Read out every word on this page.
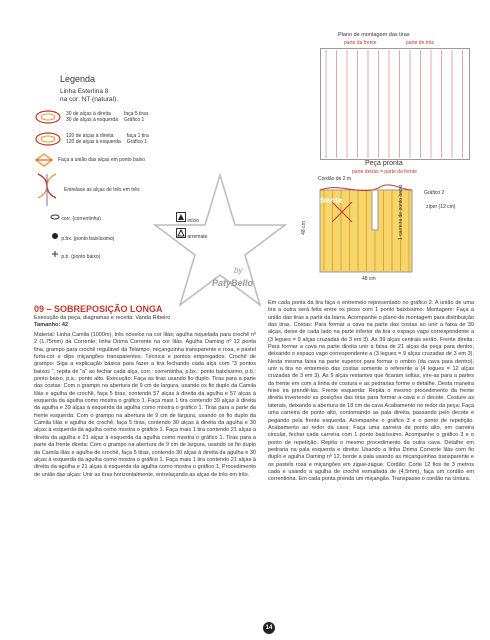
Legenda
Linha Esterlina 8
na cor: NT (natural).
30 de alças à direita
30 de alças à esquerda
faça 5 tiras
Gráfico 1
120 de alças à direita
120 de alças à esquerda
faça 1 tira
Gráfico 1
Faça a união das alças em ponto baixo
Entrelace as alças de três em três
corr. (correntinha)
p.bx. (ponto baixíssimo)
p.b. (ponto baixo)
início
arremate
Plano de montagem das tiras
parte da frente	parte de trás
Peça pronta
parte detrás = parte da frente
Cordão de 2 m
frente
Gráfico 2
zíper (12 cm)
48 cm
48 cm
1 carreira de ponto baixo
by
PatyBello
09 – SOBREPOSIÇÃO LONGA
Execução da peça, diagramas e receita: Vanda Ribeiro
Tamanho: 42

Material: Linha Camila (1000m), três novelos na cor lilás; agulha niquelada para crochê nº 2 (1,75mm) da Corrente; linha Drima Corrente na cor lilás. Agulha Daming nº 12 ponta fina, grampo para crochê regulável da Telampo; miçanguinha transparente e rosa, e pastel furta-cor e dips miçangões transparentes. Técnica e pontos empregados: Crochê de grampo: Siga a explicação básica para fazer a tira fechando cada alça com "3 pontos baixos ", repita de "a" ao fechar cada alça, corr.: correntinha, p.bx.: ponto baixíssimo, p.b.: ponto baixo, p.a.: ponto alto. Execução: Faça as tiras usando fio duplo. Tiras para a parte das costas: Com o grampo na abertura de 9 cm de largura, usando os fio duplo da Camila lilás e agulha de crochê, faça 5 tiras, contendo 57 alças à direita da agulha e 57 alças à esquerda da agulha como mostra o gráfico 1. Faça mais 1 tira contendo 39 alças à direita da agulha e 39 alças à esquerda da agulha como mostra o gráfico 1. Tiras para a parte da frente esquerda: Com o grampo na abertura de 9 cm de largura, usando os fio duplo da Camila lilás e agulha de crochê, faça 5 tiras, contendo 30 alças à direita da agulha e 30 alças à esquerda da agulha como mostra o gráfico 1. Faça mais 1 tira contendo 21 alças à direita da agulha e 21 alças à esquerda da agulha como mostra o gráfico 1. Tiras para a parte da frente direita: Com o grampo na abertura de 9 cm de largura, usando os fio duplo da Camila lilás e agulha de crochê, faça 5 tiras, contendo 30 alças à direita da agulha e 30 alças à esquerda da agulha como mostra o gráfico 1. Faça mais 1 tira contendo 21 alças à direita da agulha e 21 alças à esquerda da agulha como mostra o gráfico 1. Procedimento de união das alças: Unir as tiras horizontalmente, entrelaçando as alças de três em três.

Em cada ponta da tira faça o entremeio representado no gráfico 2. A união de uma tira a outra será feita entre os picos com 1 ponto baixíssimo. Montagem: Faça a união das tiras a partir da barra. Acompanhe o plano de montagem para distribuição das tiras. Costas: Para formar a cava na parte das costas ao unir a faixa de 39 alças, deixe de cada lado na parte inferior da tira o espaço vago correspondente a (3 legues = 9 alças cruzadas de 3 em 3). As 39 alças centrais serão. Frente direita: Para formar a cava na parte direita unir a faixa de 21 alças da peça para dentro, deixando o espaço vago correspondente a (3 legues = 9 alças cruzadas de 3 em 3). Nesta mesma faixa na parte superior para formar o ombro (da cava para dentro), unir a tira no entremeio das costas somente o referente a (4 legues = 12 alças cruzadas de 3 em 3). As 9 alças restantes que ficaram soltas, vire-as para a partes da frente em com a linha de costura e as pedrarias forme o detalhe. Desta maneira feixe ira prendê-las. Frente esquerda: Repita o mesmo procedimento da frente direita invertendo as posições das tiras para formar a cava e o decote. Costure as laterais, deixando a abertura de 18 cm da cava Acabamento no redor da peça: Faça uma carreira de ponto alto, contornando as pala direita, passando pelo decote e pegando pela frente esquerda. Acompanhe o gráfico 3 e o ponto de repetição. Acabamento ao redor da cava: Faça uma carreira de ponto alto, em carreira circular, fechar cada carreira com 1 ponto baixíssimo. Acompanhe o gráfico 3 e o ponto de repetição. Repita o mesmo procedimento da outra cava. Detalhe em pedraria na pala esquerda e direita: Usando a linha Drima Corrente lilás com fio duplo e agulha Daming nº 12, borde a pala usando as miçanguinhas transparente e os pastels rosa e miçangões em zigue-zague. Cordão: Corte 12 fios de 3 metros cada e usando a agulha de crochê esmaltada de (4,5mm), faça um cordão em correntinha. Em cada ponta prenda um miçangão. Transpasse o cordão na cintura.

14
